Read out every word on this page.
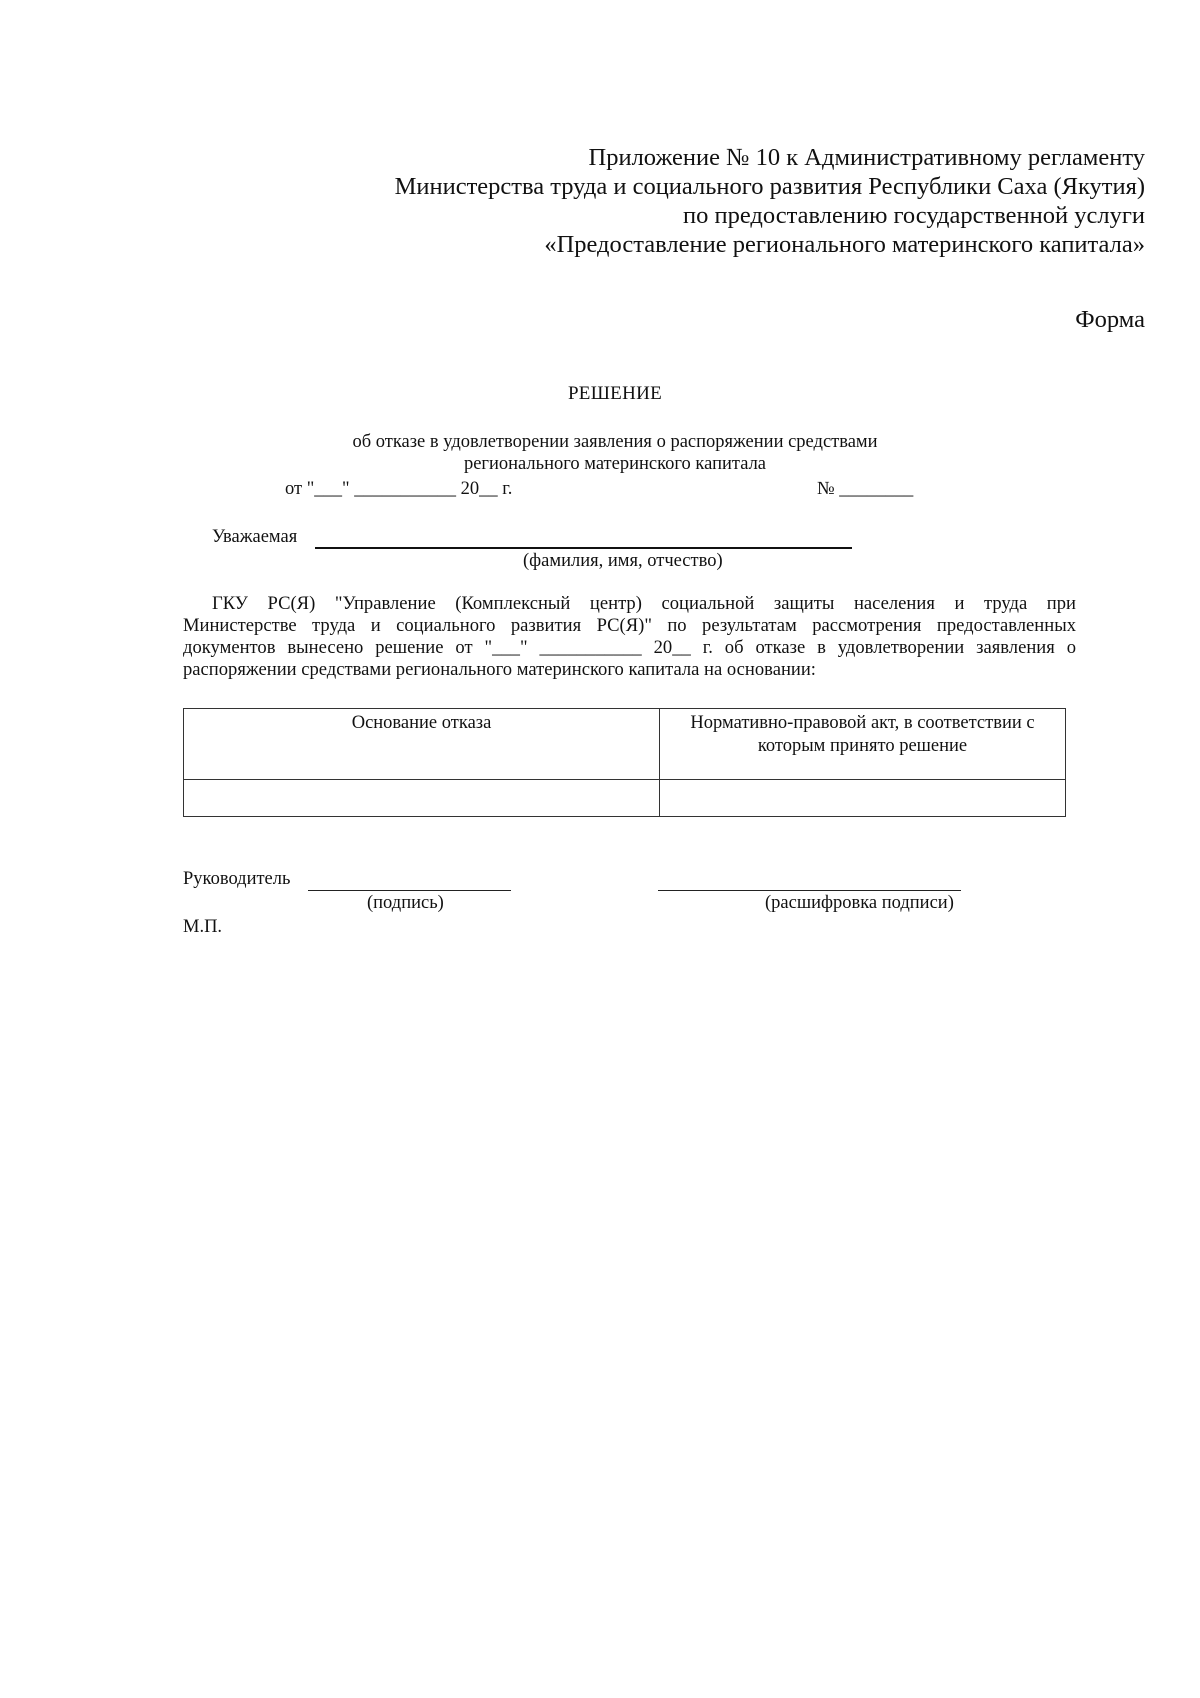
Приложение № 10 к Административному регламенту
Министерства труда и социального развития Республики Саха (Якутия)
по предоставлению государственной услуги
«Предоставление регионального материнского капитала»
Форма
РЕШЕНИЕ
об отказе в удовлетворении заявления о распоряжении средствами
регионального материнского капитала
от "___" ___________ 20__ г.	№ ________
Уважаемая
(фамилия, имя, отчество)
ГКУ РС(Я) "Управление (Комплексный центр) социальной защиты населения и труда при
Министерстве труда и социального развития РС(Я)" по результатам рассмотрения предоставленных
документов вынесено решение от "___" ___________ 20__ г. об отказе в удовлетворении заявления о
распоряжении средствами регионального материнского капитала на основании:
Основание отказа	Нормативно-правовой акт, в соответствии с
которым принято решение

Руководитель
(подпись)	(расшифровка подписи)
М.П.
